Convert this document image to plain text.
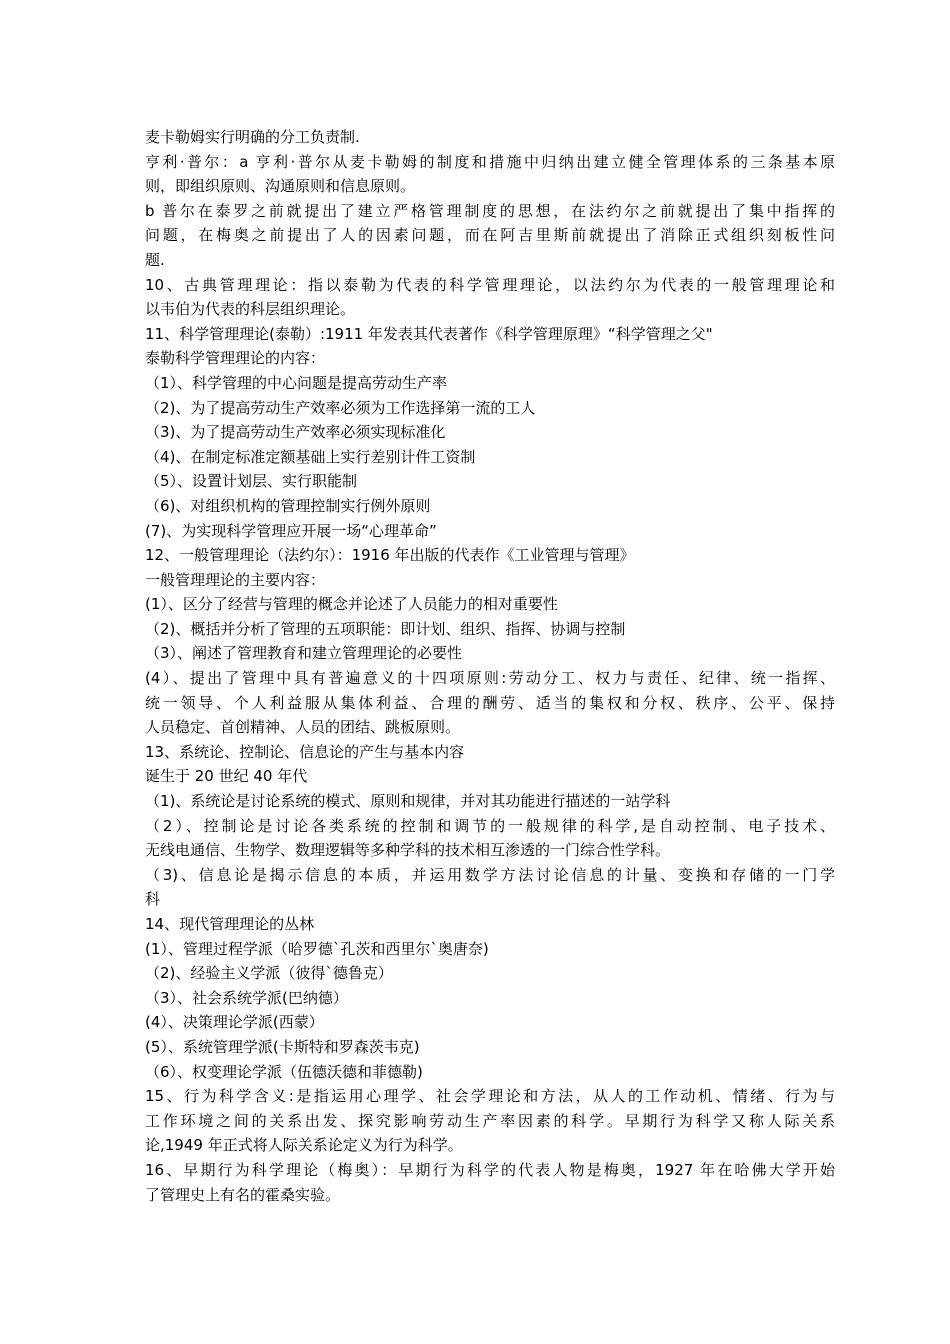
麦卡勒姆实行明确的分工负责制.
亨利·普尔：a 亨利·普尔从麦卡勒姆的制度和措施中归纳出建立健全管理体系的三条基本原
则，即组织原则、沟通原则和信息原则。
b 普尔在泰罗之前就提出了建立严格管理制度的思想，在法约尔之前就提出了集中指挥的
问题，在梅奥之前提出了人的因素问题，而在阿吉里斯前就提出了消除正式组织刻板性问
题.
10、古典管理理论：指以泰勒为代表的科学管理理论，以法约尔为代表的一般管理理论和
以韦伯为代表的科层组织理论。
11、科学管理理论(泰勒）:1911 年发表其代表著作《科学管理原理》“科学管理之父"
泰勒科学管理理论的内容：
（1）、科学管理的中心问题是提高劳动生产率
（2)、为了提高劳动生产效率必须为工作选择第一流的工人
（3)、为了提高劳动生产效率必须实现标准化
（4)、在制定标准定额基础上实行差别计件工资制
（5）、设置计划层、实行职能制
（6)、对组织机构的管理控制实行例外原则
(7)、为实现科学管理应开展一场“心理革命”
12、一般管理理论（法约尔）：1916 年出版的代表作《工业管理与管理》
一般管理理论的主要内容：
(1）、区分了经营与管理的概念并论述了人员能力的相对重要性
（2)、概括并分析了管理的五项职能：即计划、组织、指挥、协调与控制
（3）、阐述了管理教育和建立管理理论的必要性
(4）、提出了管理中具有普遍意义的十四项原则:劳动分工、权力与责任、纪律、统一指挥、
统一领导、个人利益服从集体利益、合理的酬劳、适当的集权和分权、秩序、公平、保持
人员稳定、首创精神、人员的团结、跳板原则。
13、系统论、控制论、信息论的产生与基本内容
诞生于 20 世纪 40 年代
（1)、系统论是讨论系统的模式、原则和规律，并对其功能进行描述的一站学科
（2）、控制论是讨论各类系统的控制和调节的一般规律的科学,是自动控制、电子技术、
无线电通信、生物学、数理逻辑等多种学科的技术相互渗透的一门综合性学科。
（3)、信息论是揭示信息的本质，并运用数学方法讨论信息的计量、变换和存储的一门学
科
14、现代管理理论的丛林
(1）、管理过程学派（哈罗德`孔茨和西里尔`奥唐奈)
（2)、经验主义学派（彼得`德鲁克）
（3）、社会系统学派(巴纳德）
(4）、决策理论学派(西蒙）
(5）、系统管理学派(卡斯特和罗森茨韦克)
（6）、权变理论学派（伍德沃德和菲德勒)
15、行为科学含义:是指运用心理学、社会学理论和方法，从人的工作动机、情绪、行为与
工作环境之间的关系出发、探究影响劳动生产率因素的科学。早期行为科学又称人际关系
论,1949 年正式将人际关系论定义为行为科学。
16、早期行为科学理论（梅奥）：早期行为科学的代表人物是梅奥，1927 年在哈佛大学开始
了管理史上有名的霍桑实验。
